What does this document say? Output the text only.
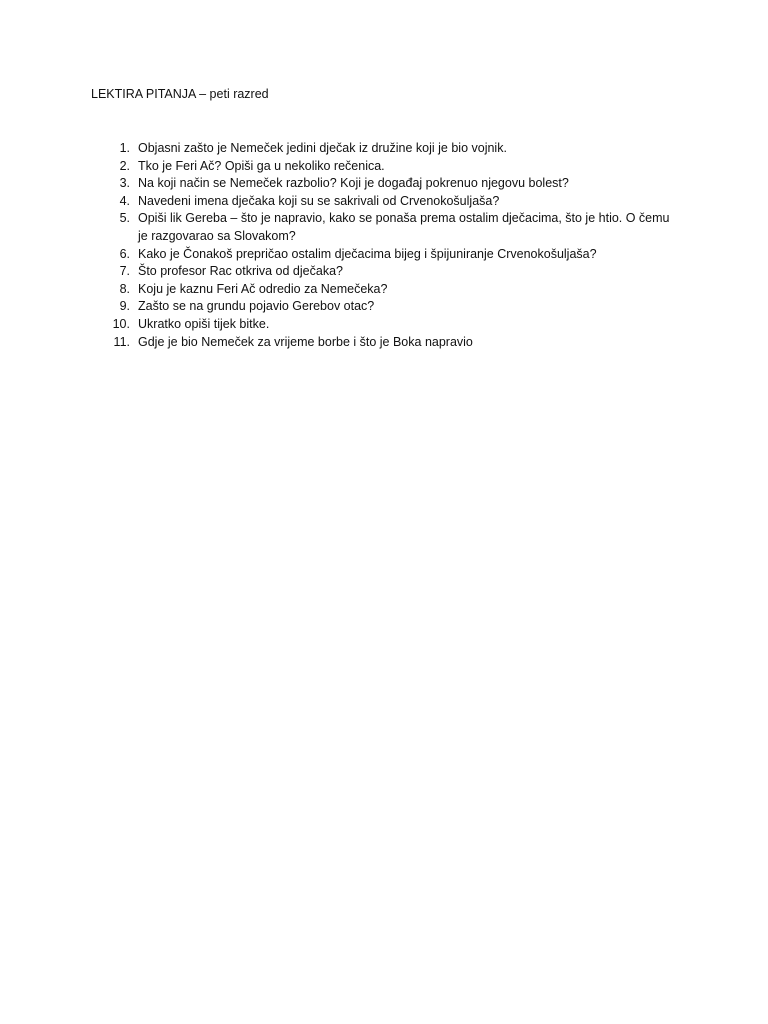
LEKTIRA PITANJA – peti razred
1. Objasni zašto je Nemeček jedini dječak iz družine koji je bio vojnik.
2. Tko je Feri Ač? Opiši ga u nekoliko rečenica.
3. Na koji način se Nemeček razbolio? Koji je događaj pokrenuo njegovu bolest?
4. Navedeni imena dječaka koji su se sakrivali od Crvenokošuljaša?
5. Opiši lik Gereba – što je napravio, kako se ponaša prema ostalim dječacima, što je htio. O čemu je razgovarao sa Slovakom?
6. Kako je Čonakoš prepričao ostalim dječacima bijeg i špijuniranje Crvenokošuljaša?
7. Što profesor Rac otkriva od dječaka?
8. Koju je kaznu Feri Ač odredio za Nemečeka?
9. Zašto se na grundu pojavio Gerebov otac?
10. Ukratko opiši tijek bitke.
11. Gdje je bio Nemeček za vrijeme borbe i što je Boka napravio
